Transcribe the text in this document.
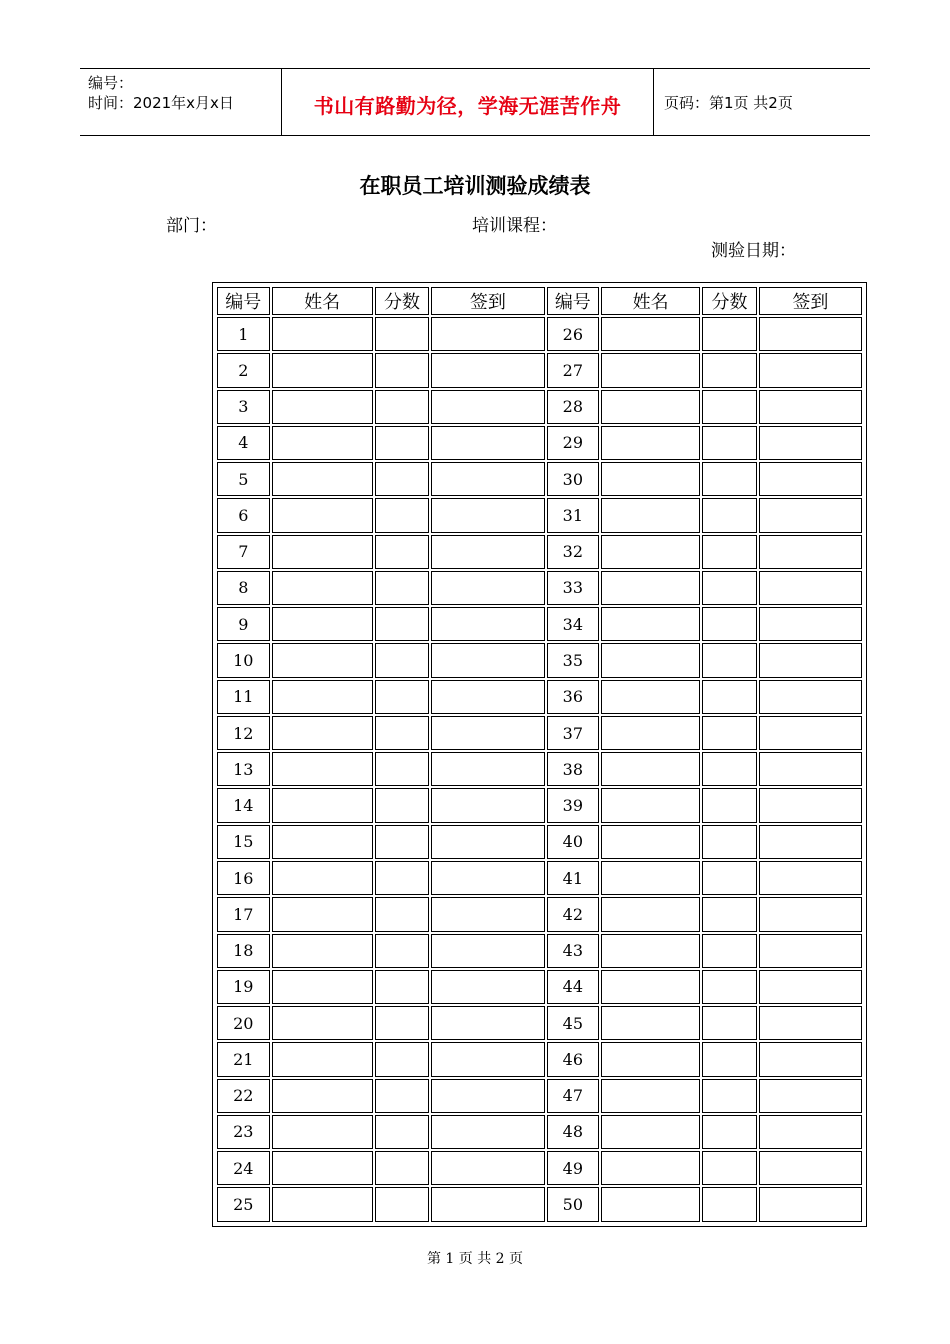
编号：
时间：2021年x月x日	书山有路勤为径，学海无涯苦作舟	页码：第1页 共2页
在职员工培训测验成绩表
部门：	培训课程：
测验日期：
编号	姓名	分数	签到	编号	姓名	分数	签到
1				26			
2				27			
3				28			
4				29			
5				30			
6				31			
7				32			
8				33			
9				34			
10				35			
11				36			
12				37			
13				38			
14				39			
15				40			
16				41			
17				42			
18				43			
19				44			
20				45			
21				46			
22				47			
23				48			
24				49			
25				50			
第 1 页 共 2 页
